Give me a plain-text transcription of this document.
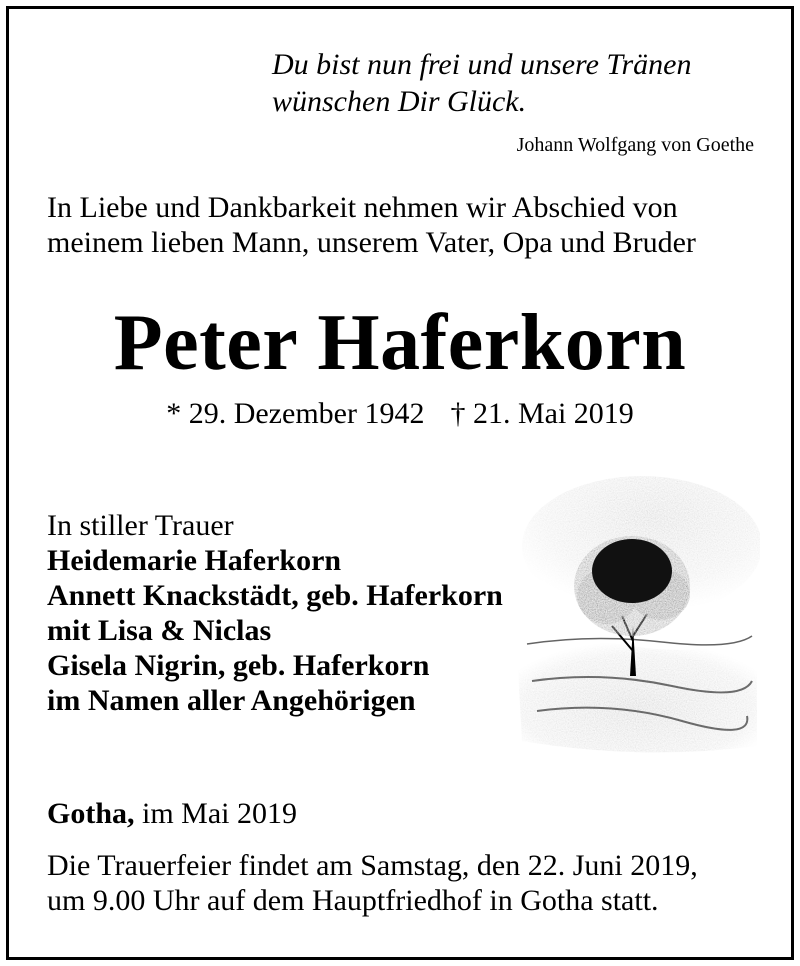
Du bist nun frei und unsere Tränen
wünschen Dir Glück.
Johann Wolfgang von Goethe
In Liebe und Dankbarkeit nehmen wir Abschied von
meinem lieben Mann, unserem Vater, Opa und Bruder
Peter Haferkorn
* 29. Dezember 1942 † 21. Mai 2019
In stiller Trauer
Heidemarie Haferkorn
Annett Knackstädt, geb. Haferkorn
mit Lisa & Niclas
Gisela Nigrin, geb. Haferkorn
im Namen aller Angehörigen
Gotha, im Mai 2019
Die Trauerfeier findet am Samstag, den 22. Juni 2019,
um 9.00 Uhr auf dem Hauptfriedhof in Gotha statt.
